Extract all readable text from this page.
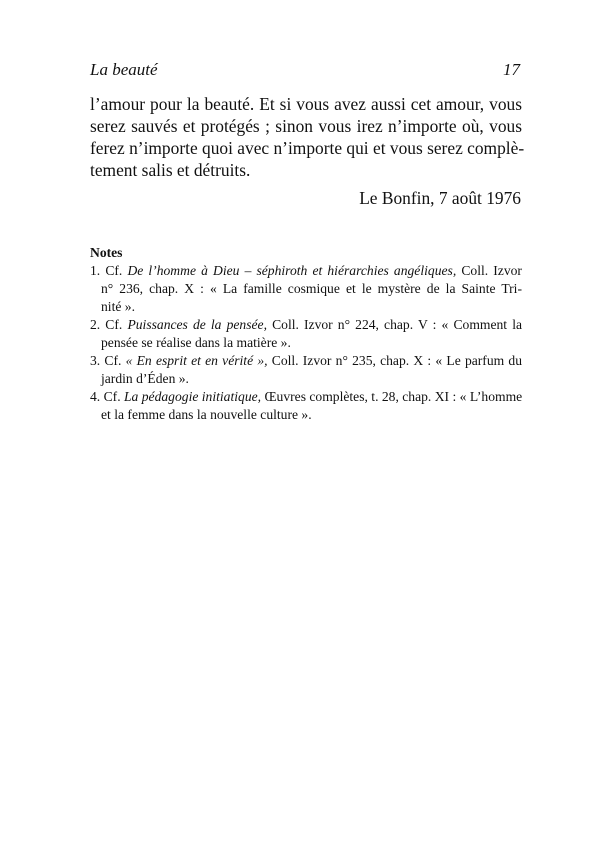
La beauté	17
l’amour pour la beauté. Et si vous avez aussi cet amour, vous
serez sauvés et protégés ; sinon vous irez n’importe où, vous
ferez n’importe quoi avec n’importe qui et vous serez complè-
tement salis et détruits.
Le Bonfin, 7 août 1976

Notes

1. Cf. De l’homme à Dieu – séphiroth et hiérarchies angéliques, Coll. Izvor
n° 236, chap. X : « La famille cosmique et le mystère de la Sainte Tri-
nité ».
2. Cf. Puissances de la pensée, Coll. Izvor n° 224, chap. V : « Comment la
pensée se réalise dans la matière ».
3. Cf. « En esprit et en vérité », Coll. Izvor n° 235, chap. X : « Le parfum du
jardin d’Éden ».
4. Cf. La pédagogie initiatique, Œuvres complètes, t. 28, chap. XI : « L’homme
et la femme dans la nouvelle culture ».
